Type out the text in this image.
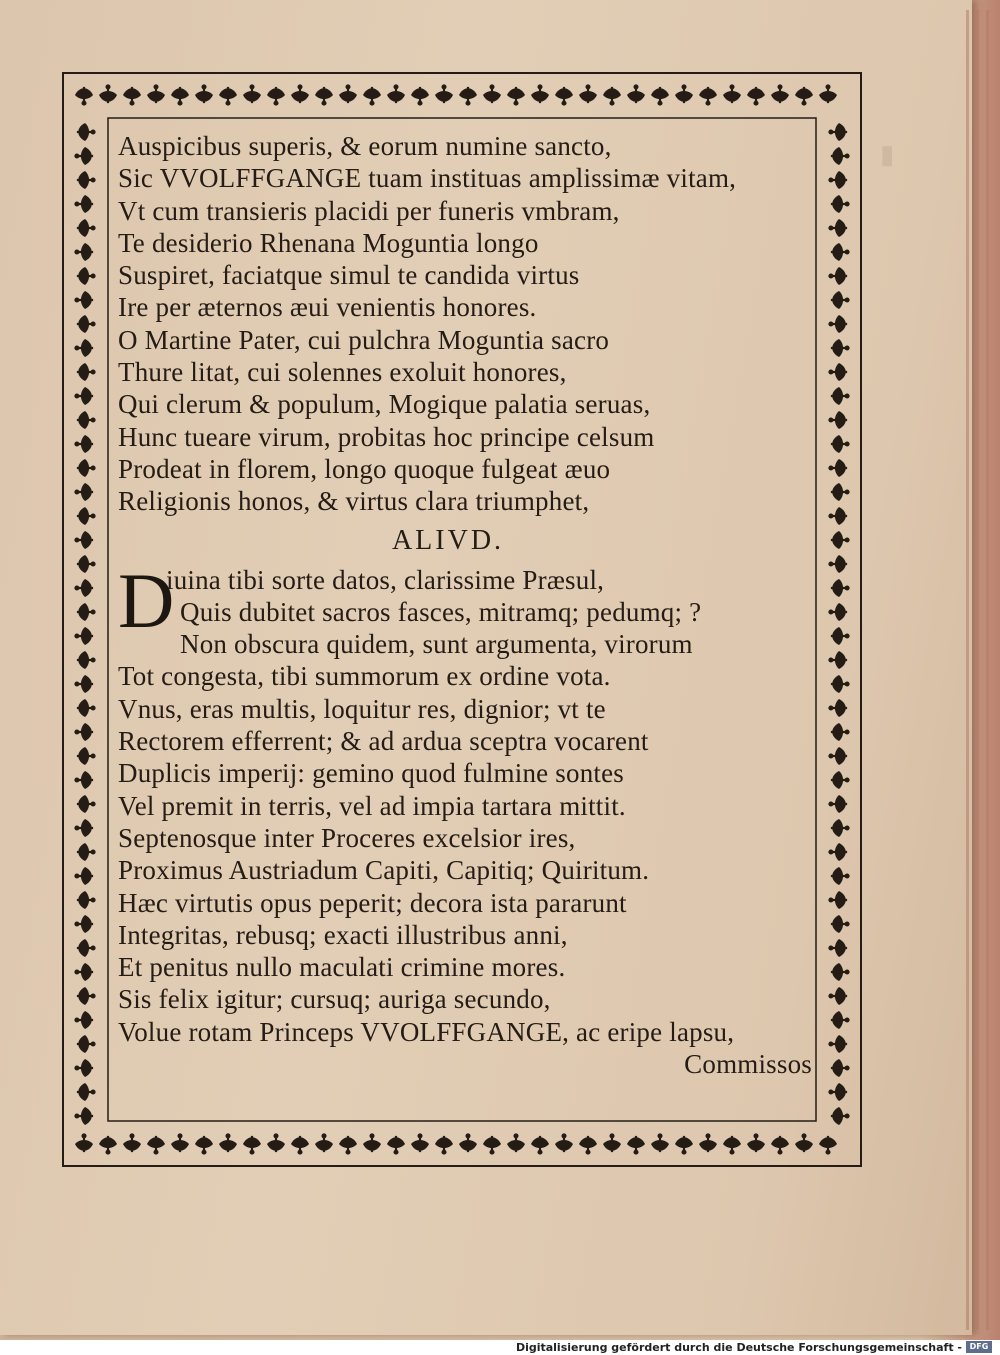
▮
Auspicibus superis, & eorum numine sancto,
Sic VVOLFFGANGE tuam instituas amplissimæ vitam,
Vt cum transieris placidi per funeris vmbram,
Te desiderio Rhenana Moguntia longo
Suspiret, faciatque simul te candida virtus
Ire per æternos æui venientis honores.
O Martine Pater, cui pulchra Moguntia sacro
Thure litat, cui solennes exoluit honores,
Qui clerum & populum, Mogique palatia seruas,
Hunc tueare virum, probitas hoc principe celsum
Prodeat in florem, longo quoque fulgeat æuo
Religionis honos, & virtus clara triumphet,
ALIVD.
D
iuina tibi sorte datos, clarissime Præsul,
Quis dubitet sacros fasces, mitramq; pedumq; ?
Non obscura quidem, sunt argumenta, virorum
Tot congesta, tibi summorum ex ordine vota.
Vnus, eras multis, loquitur res, dignior; vt te
Rectorem efferrent; & ad ardua sceptra vocarent
Duplicis imperij: gemino quod fulmine sontes
Vel premit in terris, vel ad impia tartara mittit.
Septenosque inter Proceres excelsior ires,
Proximus Austriadum Capiti, Capitiq; Quiritum.
Hæc virtutis opus peperit; decora ista pararunt
Integritas, rebusq; exacti illustribus anni,
Et penitus nullo maculati crimine mores.
Sis felix igitur; cursuq; auriga secundo,
Volue rotam Princeps VVOLFFGANGE, ac eripe lapsu,
Commissos
Digitalisierung gefördert durch die Deutsche Forschungsgemeinschaft - DFG
